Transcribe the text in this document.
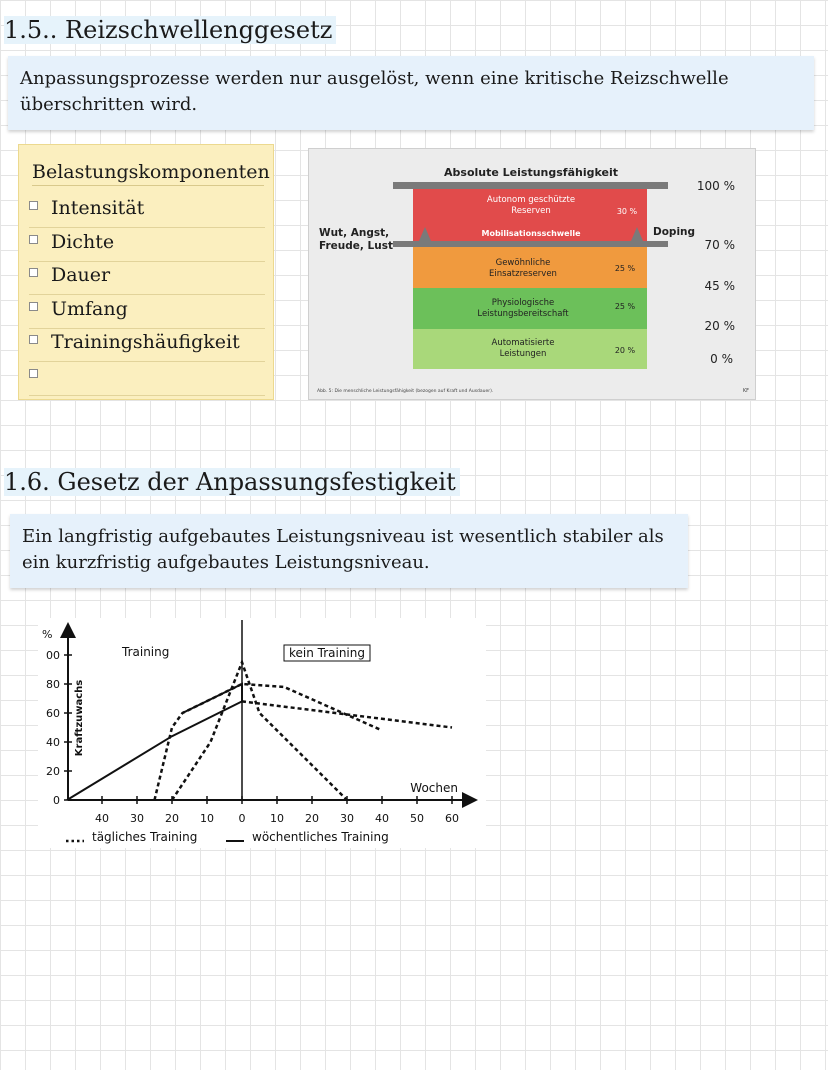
1.5.. Reizschwellenggesetz
Anpassungsprozesse werden nur ausgelöst, wenn eine kritische Reizschwelle überschritten wird.
Belastungskomponenten
Intensität
Dichte
Dauer
Umfang
Trainingshäufigkeit
Absolute Leistungsfähigkeit
Autonom geschützte
Reserven	30 %
Mobilisationsschwelle
Gewöhnliche
Einsatzreserven
25 %
Physiologische
Leistungsbereitschaft
25 %
Automatisierte
Leistungen	20 %
Wut, Angst,
Freude, Lust
Doping
100 %
70 %
45 %
20 %
0 %
Abb. 5: Die menschliche Leistungsfähigkeit (bezogen auf Kraft und Ausdauer).	KF
1.6. Gesetz der Anpassungsfestigkeit
Ein langfristig aufgebautes Leistungsniveau ist wesentlich stabiler als ein kurzfristig aufgebautes Leistungsniveau.
%
Kraftzuwachs
Training	kein Training
Wochen
00
80
60
40
20
0
40 30 20 10 0 10 20 30 40 50 60
tägliches Training	wöchentliches Training
